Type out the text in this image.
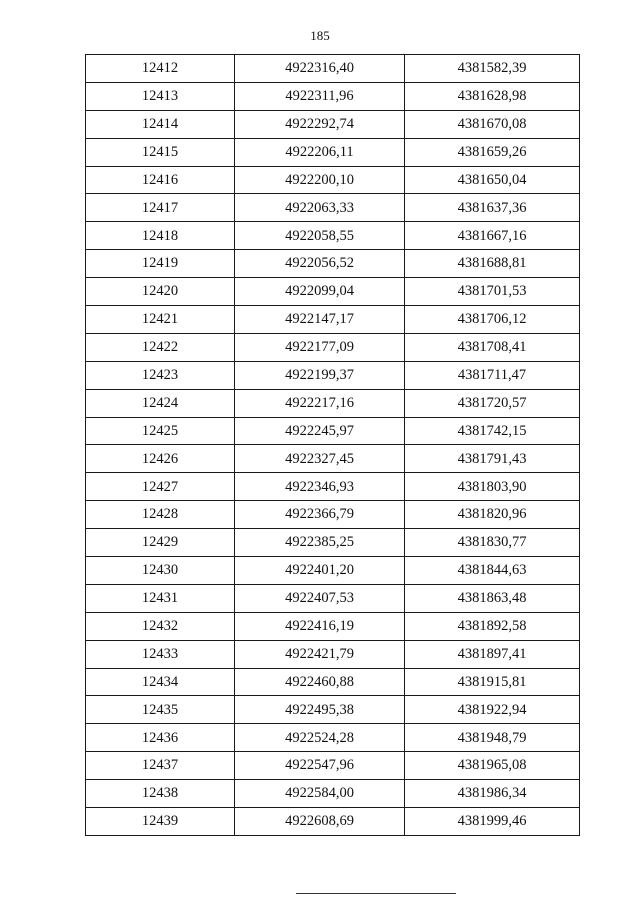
185
12412	4922316,40	4381582,39
12413	4922311,96	4381628,98
12414	4922292,74	4381670,08
12415	4922206,11	4381659,26
12416	4922200,10	4381650,04
12417	4922063,33	4381637,36
12418	4922058,55	4381667,16
12419	4922056,52	4381688,81
12420	4922099,04	4381701,53
12421	4922147,17	4381706,12
12422	4922177,09	4381708,41
12423	4922199,37	4381711,47
12424	4922217,16	4381720,57
12425	4922245,97	4381742,15
12426	4922327,45	4381791,43
12427	4922346,93	4381803,90
12428	4922366,79	4381820,96
12429	4922385,25	4381830,77
12430	4922401,20	4381844,63
12431	4922407,53	4381863,48
12432	4922416,19	4381892,58
12433	4922421,79	4381897,41
12434	4922460,88	4381915,81
12435	4922495,38	4381922,94
12436	4922524,28	4381948,79
12437	4922547,96	4381965,08
12438	4922584,00	4381986,34
12439	4922608,69	4381999,46
